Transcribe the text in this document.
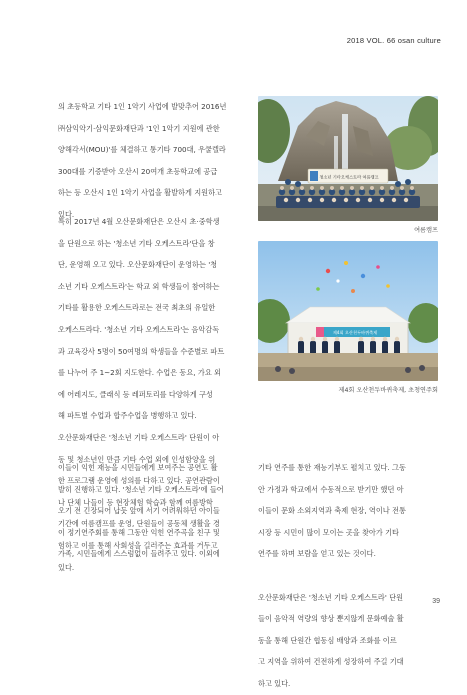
2018 VOL. 66 osan culture

의 초등학교 기타 1인 1악기 사업에 발맞추어 2016년

㈜삼익악기·삼익문화재단과 '1인 1악기 지원에 관한

양해각서(MOU)'를 체결하고 통기타 700대, 우쿨렐라

300대를 기증받아 오산시 20여개 초등학교에 공급

하는 등 오산시 1인 1악기 사업을 활발하게 지원하고

있다.

특히 2017년 4월 오산문화재단은 오산시 초·중학생

을 단원으로 하는 '청소년 기타 오케스트라'단을 창

단, 운영해 오고 있다. 오산문화재단이 운영하는 '청

소년 기타 오케스트라'는 학교 외 학생들이 참여하는

기타를 활용한 오케스트라로는 전국 최초의 유일한

오케스트라다. '청소년 기타 오케스트라'는 음악감독

과 교육강사 5명이 50여명의 학생들을 수준별로 파트

를 나누어 주 1~2회 지도한다. 수업은 동요, 가요 외

에 어레지도, 클래식 등 레퍼토리를 다양하게 구성

해 파트별 수업과 합주수업을 병행하고 있다.

오산문화재단은 '청소년 기타 오케스트라' 단원이 아

동 및 청소년인 만큼 기타 수업 외에 인성함양을 위

한 프로그램 운영에 성의를 다하고 있다. 공연관람이

나 단체 나들이 등 현장체험 학습과 함께 여름방학

기간에 여름캠프를 운영, 단원들이 공동체 생활을 경

험하고 이를 통해 사회성을 길러주는 효과를 거두고

있다.

이들이 익힌 재능을 시민들에게 보여주는 공연도 활

발히 진행하고 있다. '청소년 기타 오케스트라'에 들어

오기 전 긴장되어 납듯 앞에 서기 어려워하던 아이들

이 정기연주회를 통해 그동안 익힌 연주곡을 친구 및

가족, 시민들에게 스스럼없이 들려주고 있다. 이외에

기타 연주를 통한 재능기부도 펼치고 있다. 그동

안 가정과 학교에서 수동적으로 받기만 했던 아

이들이 문화 소외지역과 축제 현장, 역이나 전통

시장 등 시민이 많이 모이는 곳을 찾아가 기타

연주를 하며 보람을 얻고 있는 것이다.

오산문화재단은 '청소년 기타 오케스트라' 단원

들이 음악적 역량의 향상 뿐지않게 문화예술 활

동을 통해 단원간 협동심 배양과 조화를 이르

고 지역을 위하여 건전하게 성장하여 주길 기대

하고 있다.

청소년 기타오케스트라 여름캠프
여름캠프
제4회 오산천두바퀴축제
제4회 오산천두바퀴축제, 초청연주회
39
